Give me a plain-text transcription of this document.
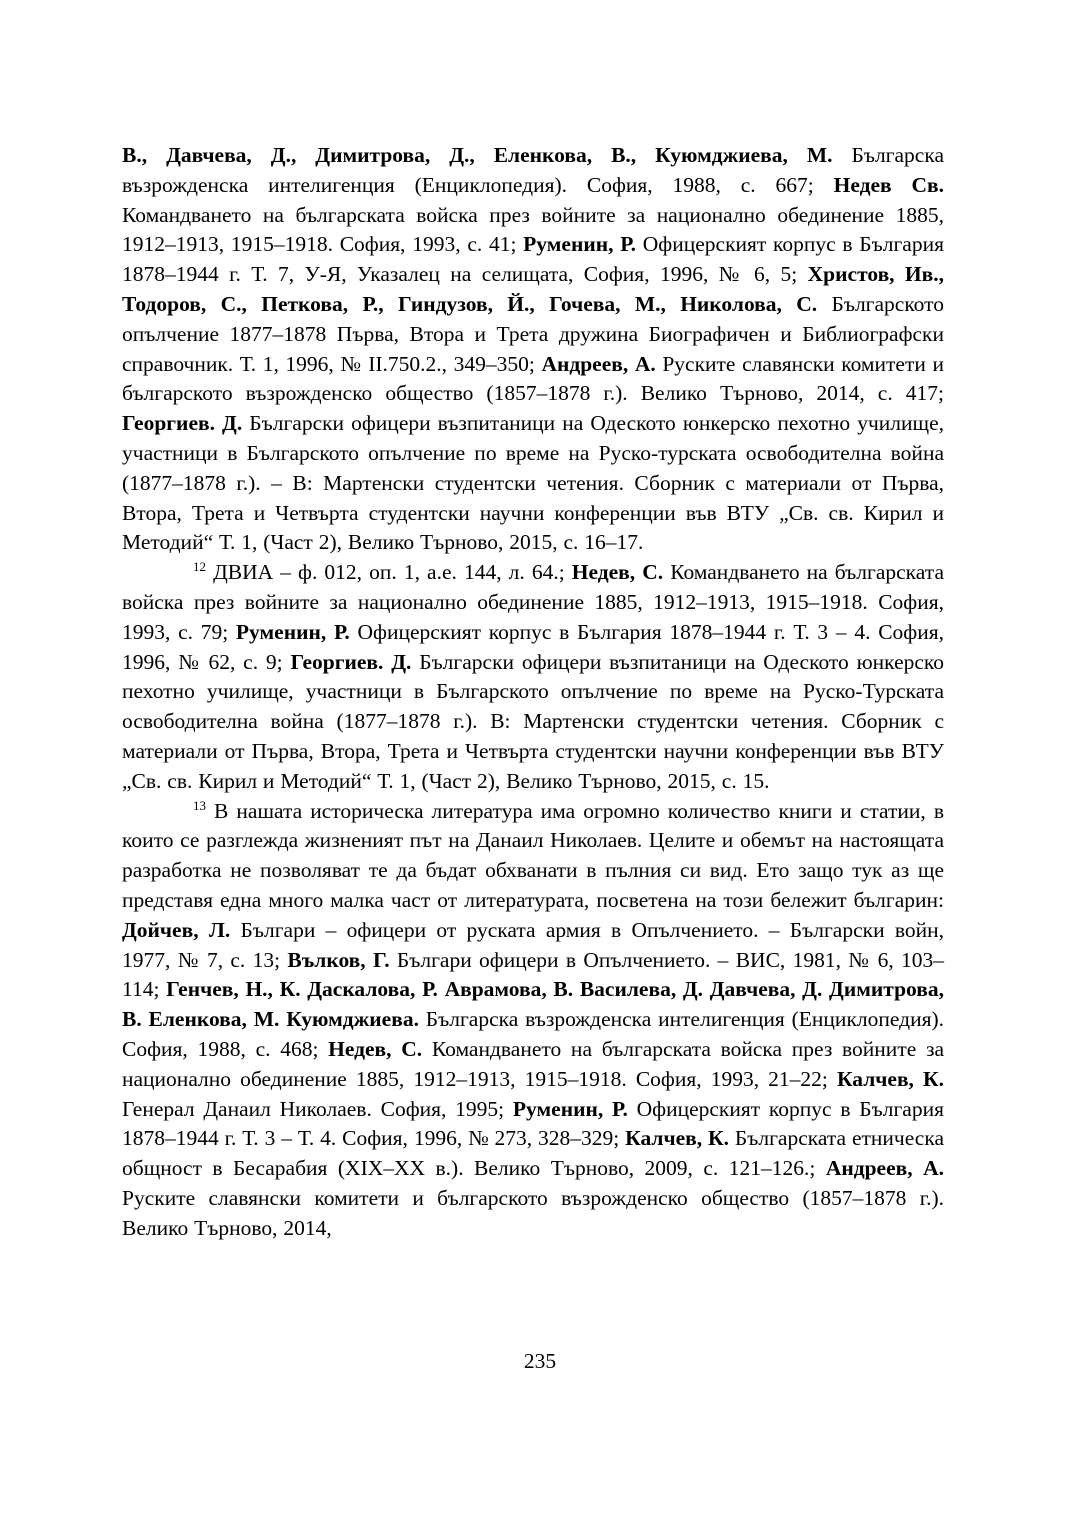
В., Давчева, Д., Димитрова, Д., Еленкова, В., Куюмджиева, М. Българска възрожденска интелигенция (Енциклопедия). София, 1988, с. 667; Недев Св. Командването на българската войска през войните за национално обединение 1885, 1912–1913, 1915–1918. София, 1993, с. 41; Руменин, Р. Офицерският корпус в България 1878–1944 г. Т. 7, У-Я, Указалец на селищата, София, 1996, № 6, 5; Христов, Ив., Тодоров, С., Петкова, Р., Гиндузов, Й., Гочева, М., Николова, С. Българското опълчение 1877–1878 Първа, Втора и Трета дружина Биографичен и Библиографски справочник. Т. 1, 1996, № II.750.2., 349–350; Андреев, А. Руските славянски комитети и българското възрожденско общество (1857–1878 г.). Велико Търново, 2014, с. 417; Георгиев. Д. Български офицери възпитаници на Одеското юнкерско пехотно училище, участници в Българското опълчение по време на Руско-турската освободителна война (1877–1878 г.). – В: Мартенски студентски четения. Сборник с материали от Първа, Втора, Трета и Четвърта студентски научни конференции във ВТУ „Св. св. Кирил и Методий“ Т. 1, (Част 2), Велико Търново, 2015, с. 16–17.

$^{12}$ ДВИА – ф. 012, оп. 1, а.е. 144, л. 64.; Недев, С. Командването на българската войска през войните за национално обединение 1885, 1912–1913, 1915–1918. София, 1993, с. 79; Руменин, Р. Офицерският корпус в България 1878–1944 г. Т. 3 – 4. София, 1996, № 62, с. 9; Георгиев. Д. Български офицери възпитаници на Одеското юнкерско пехотно училище, участници в Българското опълчение по време на Руско-Турската освободителна война (1877–1878 г.). В: Мартенски студентски четения. Сборник с материали от Първа, Втора, Трета и Четвърта студентски научни конференции във ВТУ „Св. св. Кирил и Методий“ Т. 1, (Част 2), Велико Търново, 2015, с. 15.

$^{13}$ В нашата историческа литература има огромно количество книги и статии, в които се разглежда жизненият път на Данаил Николаев. Целите и обемът на настоящата разработка не позволяват те да бъдат обхванати в пълния си вид. Ето защо тук аз ще представя една много малка част от литературата, посветена на този бележит българин: Дойчев, Л. Българи – офицери от руската армия в Опълчението. – Български войн, 1977, № 7, с. 13; Вълков, Г. Българи офицери в Опълчението. – ВИС, 1981, № 6, 103–114; Генчев, Н., К. Даскалова, Р. Аврамова, В. Василева, Д. Давчева, Д. Димитрова, В. Еленкова, М. Куюмджиева. Българска възрожденска интелигенция (Енциклопедия). София, 1988, с. 468; Недев, С. Командването на българската войска през войните за национално обединение 1885, 1912–1913, 1915–1918. София, 1993, 21–22; Калчев, К. Генерал Данаил Николаев. София, 1995; Руменин, Р. Офицерският корпус в България 1878–1944 г. Т. 3 – Т. 4. София, 1996, № 273, 328–329; Калчев, К. Българската етническа общност в Бесарабия (XIX–XX в.). Велико Търново, 2009, с. 121–126.; Андреев, А. Руските славянски комитети и българското възрожденско общество (1857–1878 г.). Велико Търново, 2014,

235
